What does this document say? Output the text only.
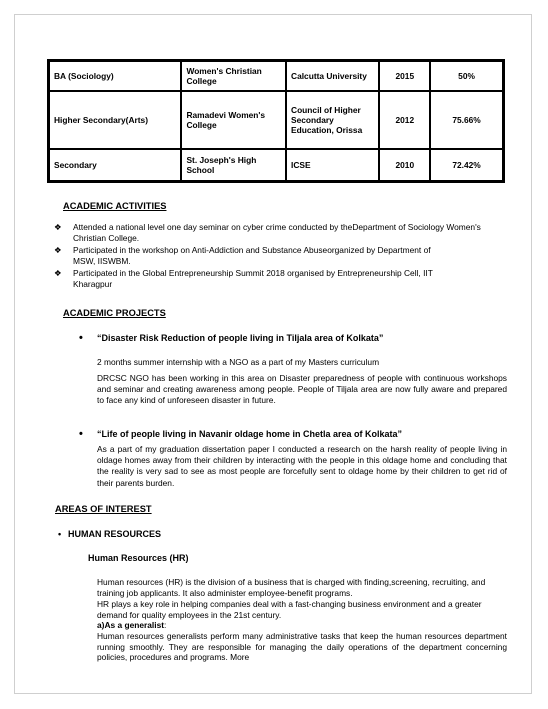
BA (Sociology)	Women's Christian College	Calcutta University	2015	50%
Higher Secondary(Arts)	Ramadevi Women's College	Council of Higher Secondary Education, Orissa	2012	75.66%
Secondary	St. Joseph's High School	ICSE	2010	72.42%
ACADEMIC ACTIVITIES
❖ Attended a national level one day seminar on cyber crime conducted by theDepartment of Sociology Women's Christian College.
❖ Participated in the workshop on Anti-Addiction and Substance Abuseorganized by Department of MSW, IISWBM.
❖ Participated in the Global Entrepreneurship Summit 2018 organised by Entrepreneurship Cell, IIT Kharagpur
ACADEMIC PROJECTS
• “Disaster Risk Reduction of people living in Tiljala area of Kolkata”
2 months summer internship with a NGO as a part of my Masters curriculum
DRCSC NGO has been working in this area on Disaster preparedness of people with continuous workshops and seminar and creating awareness among people. People of Tiljala area are now fully aware and prepared to face any kind of unforeseen disaster in future.
• “Life of people living in Navanir oldage home in Chetla area of Kolkata”
As a part of my graduation dissertation paper I conducted a research on the harsh reality of people living in oldage homes away from their children by interacting with the people in this oldage home and concluding that the reality is very sad to see as most people are forcefully sent to oldage home by their children to get rid of their parents burden.
AREAS OF INTEREST
• HUMAN RESOURCES
Human Resources (HR)
Human resources (HR) is the division of a business that is charged with finding,screening, recruiting, and training job applicants. It also administer employee-benefit programs.
HR plays a key role in helping companies deal with a fast-changing business environment and a greater demand for quality employees in the 21st century.
a)As a generalist:
Human resources generalists perform many administrative tasks that keep the human resources department running smoothly. They are responsible for managing the daily operations of the department concerning policies, procedures and programs. More
